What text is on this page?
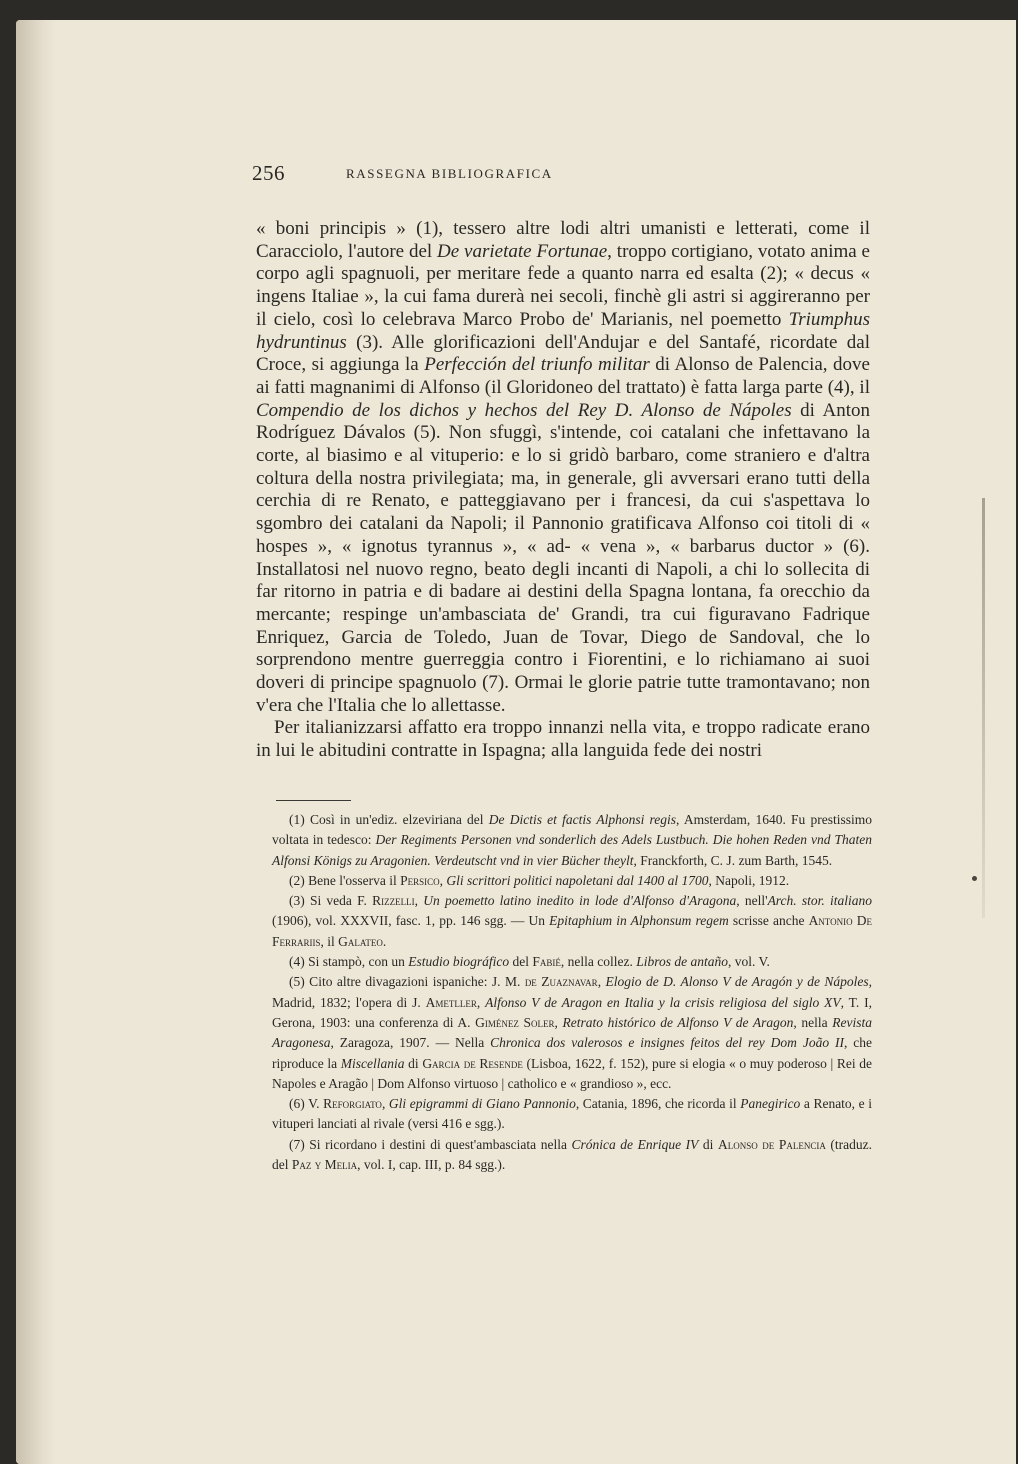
256	RASSEGNA BIBLIOGRAFICA

« boni principis » (1), tessero altre lodi altri umanisti e letterati, come il Caracciolo, l'autore del De varietate Fortunae, troppo cortigiano, votato anima e corpo agli spagnuoli, per meritare fede a quanto narra ed esalta (2); « decus « ingens Italiae », la cui fama durerà nei secoli, finchè gli astri si aggireranno per il cielo, così lo celebrava Marco Probo de' Marianis, nel poemetto Triumphus hydruntinus (3). Alle glorificazioni dell'Andujar e del Santafé, ricordate dal Croce, si aggiunga la Perfección del triunfo militar di Alonso de Palencia, dove ai fatti magnanimi di Alfonso (il Gloridoneo del trattato) è fatta larga parte (4), il Compendio de los dichos y hechos del Rey D. Alonso de Nápoles di Anton Rodríguez Dávalos (5). Non sfuggì, s'intende, coi catalani che infettavano la corte, al biasimo e al vituperio: e lo si gridò barbaro, come straniero e d'altra coltura della nostra privilegiata; ma, in generale, gli avversari erano tutti della cerchia di re Renato, e patteggiavano per i francesi, da cui s'aspettava lo sgombro dei catalani da Napoli; il Pannonio gratificava Alfonso coi titoli di « hospes », « ignotus tyrannus », « ad- « vena », « barbarus ductor » (6). Installatosi nel nuovo regno, beato degli incanti di Napoli, a chi lo sollecita di far ritorno in patria e di badare ai destini della Spagna lontana, fa orecchio da mercante; respinge un'ambasciata de' Grandi, tra cui figuravano Fadrique Enriquez, Garcia de Toledo, Juan de Tovar, Diego de Sandoval, che lo sorprendono mentre guerreggia contro i Fiorentini, e lo richiamano ai suoi doveri di principe spagnuolo (7). Ormai le glorie patrie tutte tramontavano; non v'era che l'Italia che lo allettasse.

Per italianizzarsi affatto era troppo innanzi nella vita, e troppo radicate erano in lui le abitudini contratte in Ispagna; alla languida fede dei nostri

(1) Così in un'ediz. elzeviriana del De Dictis et factis Alphonsi regis, Amsterdam, 1640. Fu prestissimo voltata in tedesco: Der Regiments Personen vnd sonderlich des Adels Lustbuch. Die hohen Reden vnd Thaten Alfonsi Königs zu Aragonien. Verdeutscht vnd in vier Bücher theylt, Franckforth, C. J. zum Barth, 1545.

(2) Bene l'osserva il Persico, Gli scrittori politici napoletani dal 1400 al 1700, Napoli, 1912.

(3) Si veda F. Rizzelli, Un poemetto latino inedito in lode d'Alfonso d'Aragona, nell'Arch. stor. italiano (1906), vol. XXXVII, fasc. 1, pp. 146 sgg. — Un Epitaphium in Alphonsum regem scrisse anche Antonio De Ferrariis, il Galateo.

(4) Si stampò, con un Estudio biográfico del Fabié, nella collez. Libros de antaño, vol. V.

(5) Cito altre divagazioni ispaniche: J. M. de Zuaznavar, Elogio de D. Alonso V de Aragón y de Nápoles, Madrid, 1832; l'opera di J. Ametller, Alfonso V de Aragon en Italia y la crisis religiosa del siglo XV, T. I, Gerona, 1903: una conferenza di A. Giménez Soler, Retrato histórico de Alfonso V de Aragon, nella Revista Aragonesa, Zaragoza, 1907. — Nella Chronica dos valerosos e insignes feitos del rey Dom João II, che riproduce la Miscellania di Garcia de Resende (Lisboa, 1622, f. 152), pure si elogia « o muy poderoso | Rei de Napoles e Aragão | Dom Alfonso virtuoso | catholico e « grandioso », ecc.

(6) V. Reforgiato, Gli epigrammi di Giano Pannonio, Catania, 1896, che ricorda il Panegirico a Renato, e i vituperi lanciati al rivale (versi 416 e sgg.).

(7) Si ricordano i destini di quest'ambasciata nella Crónica de Enrique IV di Alonso de Palencia (traduz. del Paz y Melia, vol. I, cap. III, p. 84 sgg.).
